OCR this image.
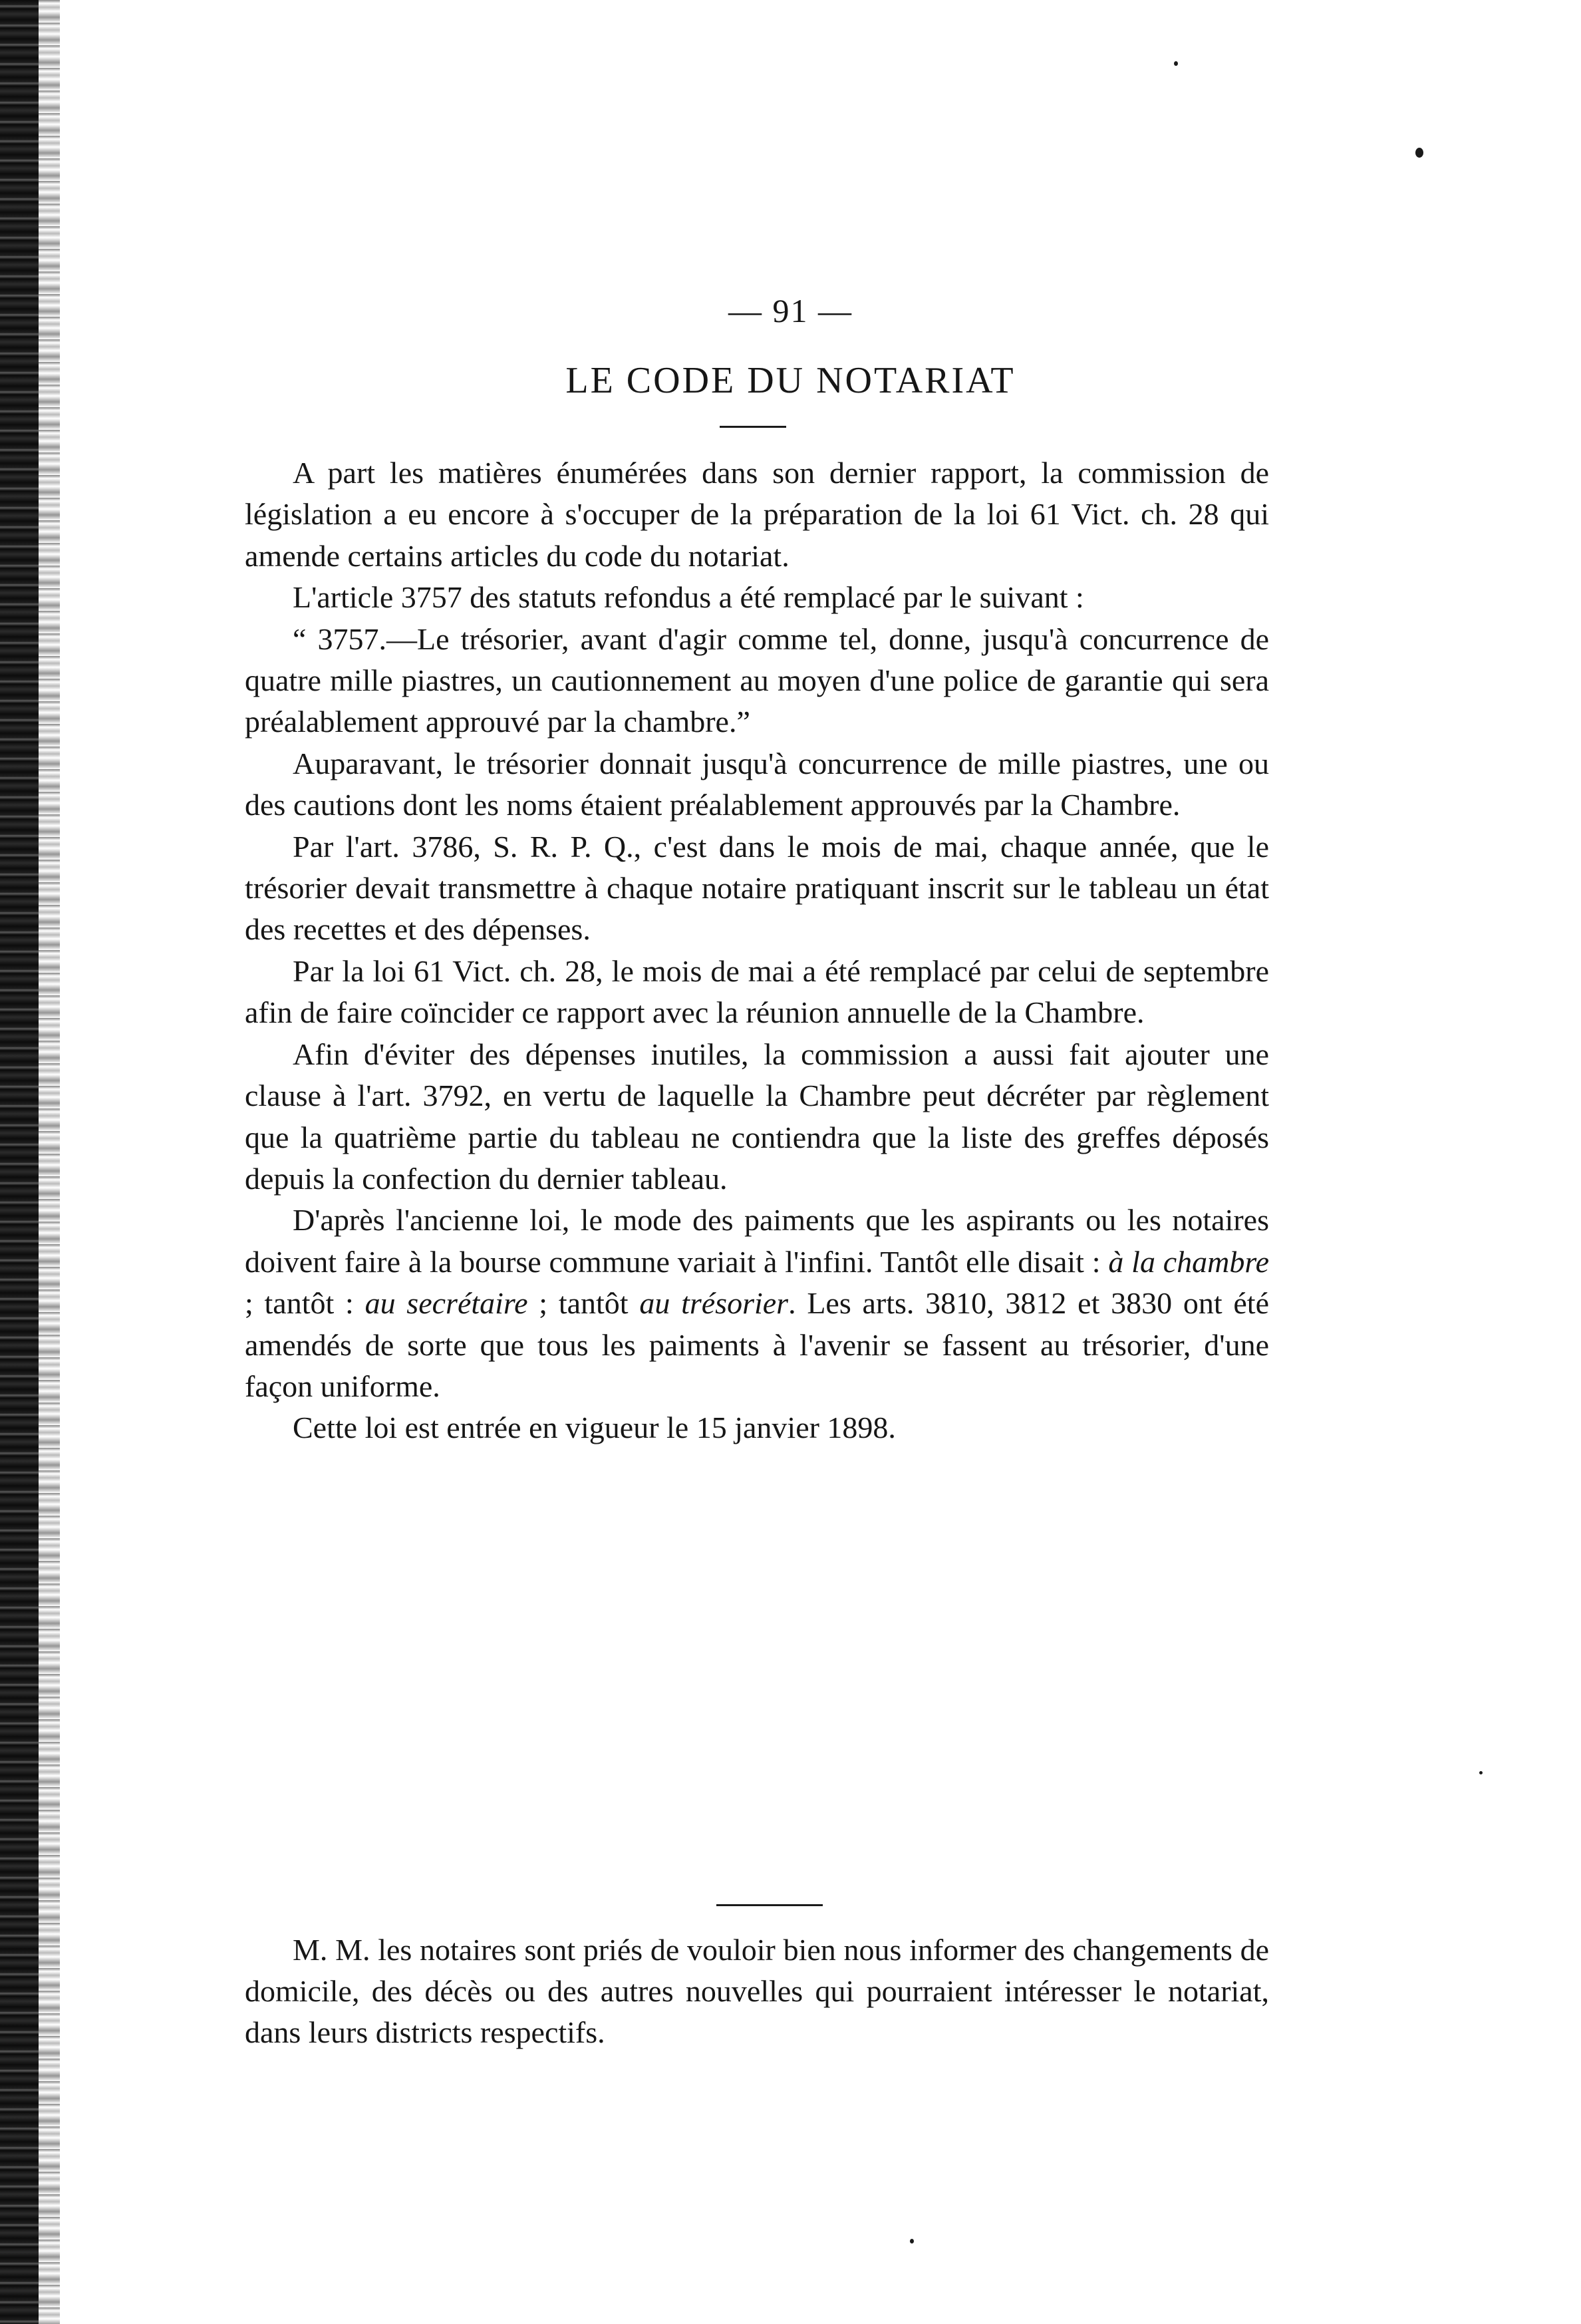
— 91 —
LE CODE DU NOTARIAT

A part les matières énumérées dans son dernier rapport, la commission de législation a eu encore à s'occuper de la préparation de la loi 61 Vict. ch. 28 qui amende certains articles du code du notariat.

L'article 3757 des statuts refondus a été remplacé par le suivant :

“ 3757.—Le trésorier, avant d'agir comme tel, donne, jusqu'à concurrence de quatre mille piastres, un cautionnement au moyen d'une police de garantie qui sera préalablement approuvé par la chambre.”

Auparavant, le trésorier donnait jusqu'à concurrence de mille piastres, une ou des cautions dont les noms étaient préalablement approuvés par la Chambre.

Par l'art. 3786, S. R. P. Q., c'est dans le mois de mai, chaque année, que le trésorier devait transmettre à chaque notaire pratiquant inscrit sur le tableau un état des recettes et des dépenses.

Par la loi 61 Vict. ch. 28, le mois de mai a été remplacé par celui de septembre afin de faire coïncider ce rapport avec la réunion annuelle de la Chambre.

Afin d'éviter des dépenses inutiles, la commission a aussi fait ajouter une clause à l'art. 3792, en vertu de laquelle la Chambre peut décréter par règlement que la quatrième partie du tableau ne contiendra que la liste des greffes déposés depuis la confection du dernier tableau.

D'après l'ancienne loi, le mode des paiments que les aspirants ou les notaires doivent faire à la bourse commune variait à l'infini. Tantôt elle disait : à la chambre ; tantôt : au secrétaire ; tantôt au trésorier. Les arts. 3810, 3812 et 3830 ont été amendés de sorte que tous les paiments à l'avenir se fassent au trésorier, d'une façon uniforme.

Cette loi est entrée en vigueur le 15 janvier 1898.

M. M. les notaires sont priés de vouloir bien nous informer des changements de domicile, des décès ou des autres nouvelles qui pourraient intéresser le notariat, dans leurs districts respectifs.
